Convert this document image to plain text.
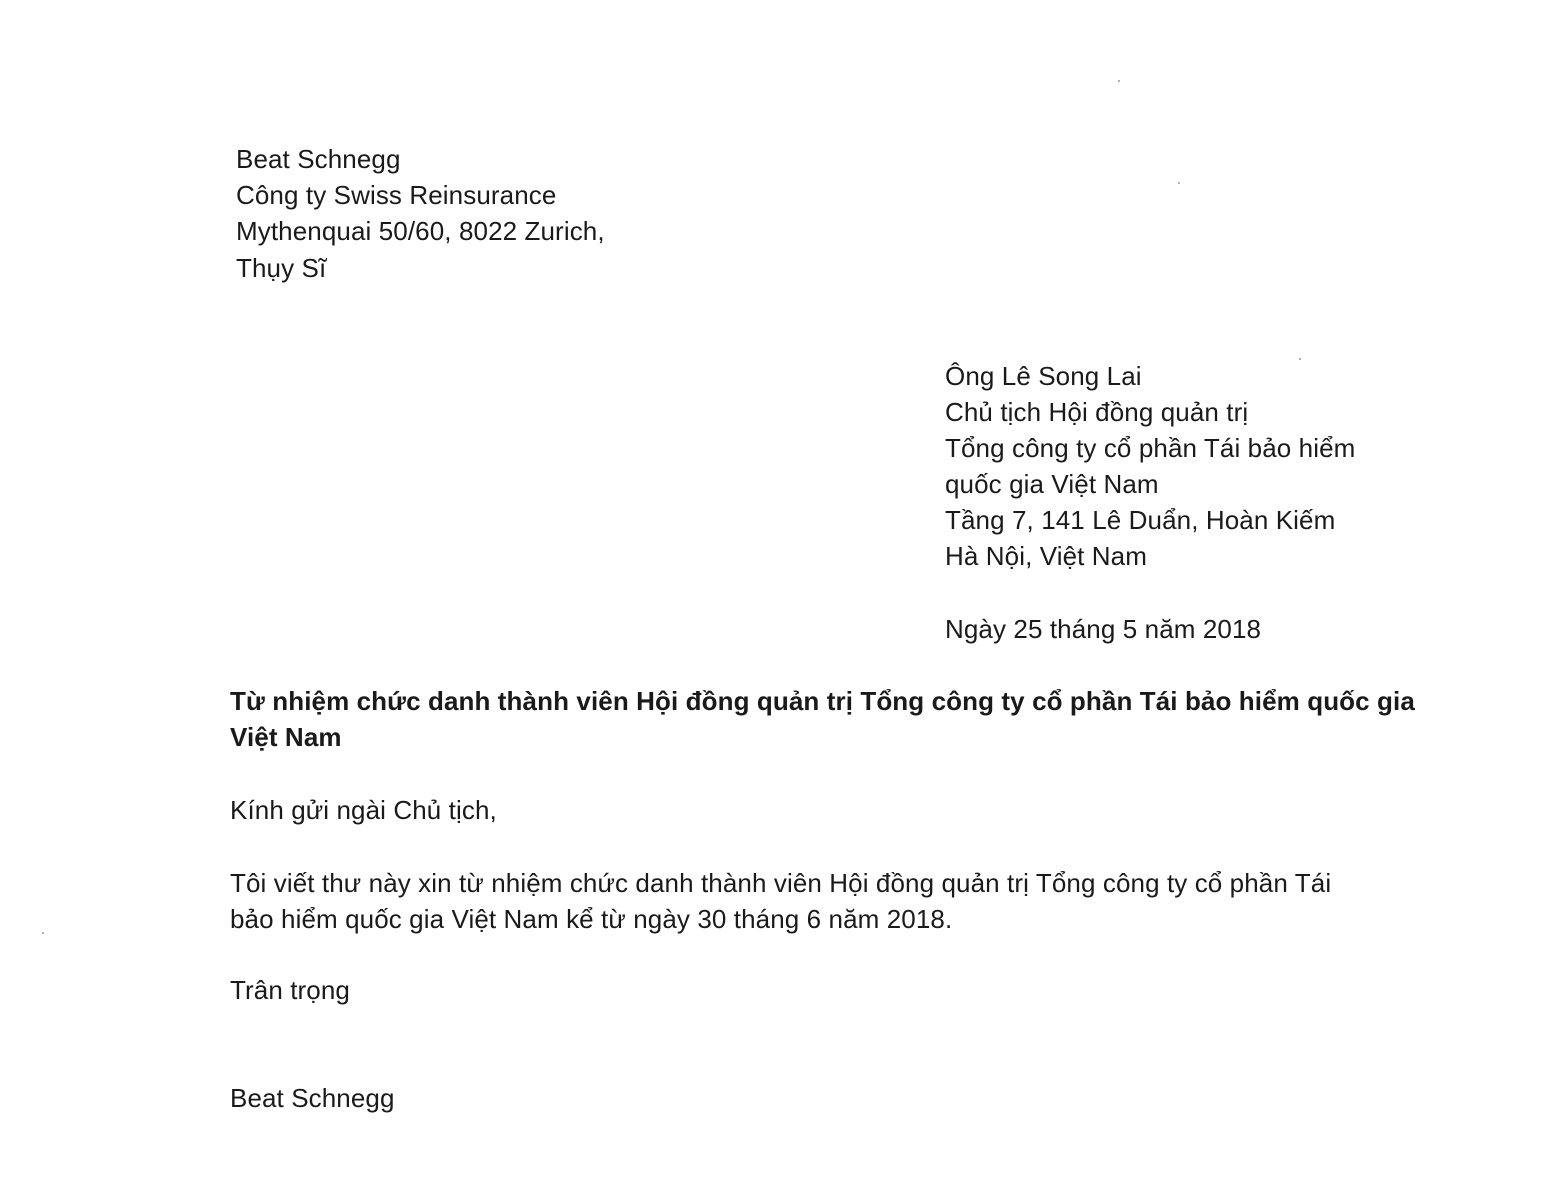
Beat Schnegg
Công ty Swiss Reinsurance
Mythenquai 50/60, 8022 Zurich,
Thụy Sĩ
Ông Lê Song Lai
Chủ tịch Hội đồng quản trị
Tổng công ty cổ phần Tái bảo hiểm
quốc gia Việt Nam
Tầng 7, 141 Lê Duẩn, Hoàn Kiếm
Hà Nội, Việt Nam
Ngày 25 tháng 5 năm 2018
Từ nhiệm chức danh thành viên Hội đồng quản trị Tổng công ty cổ phần Tái bảo hiểm quốc gia
Việt Nam
Kính gửi ngài Chủ tịch,
Tôi viết thư này xin từ nhiệm chức danh thành viên Hội đồng quản trị Tổng công ty cổ phần Tái
bảo hiểm quốc gia Việt Nam kể từ ngày 30 tháng 6 năm 2018.
Trân trọng
Beat Schnegg
